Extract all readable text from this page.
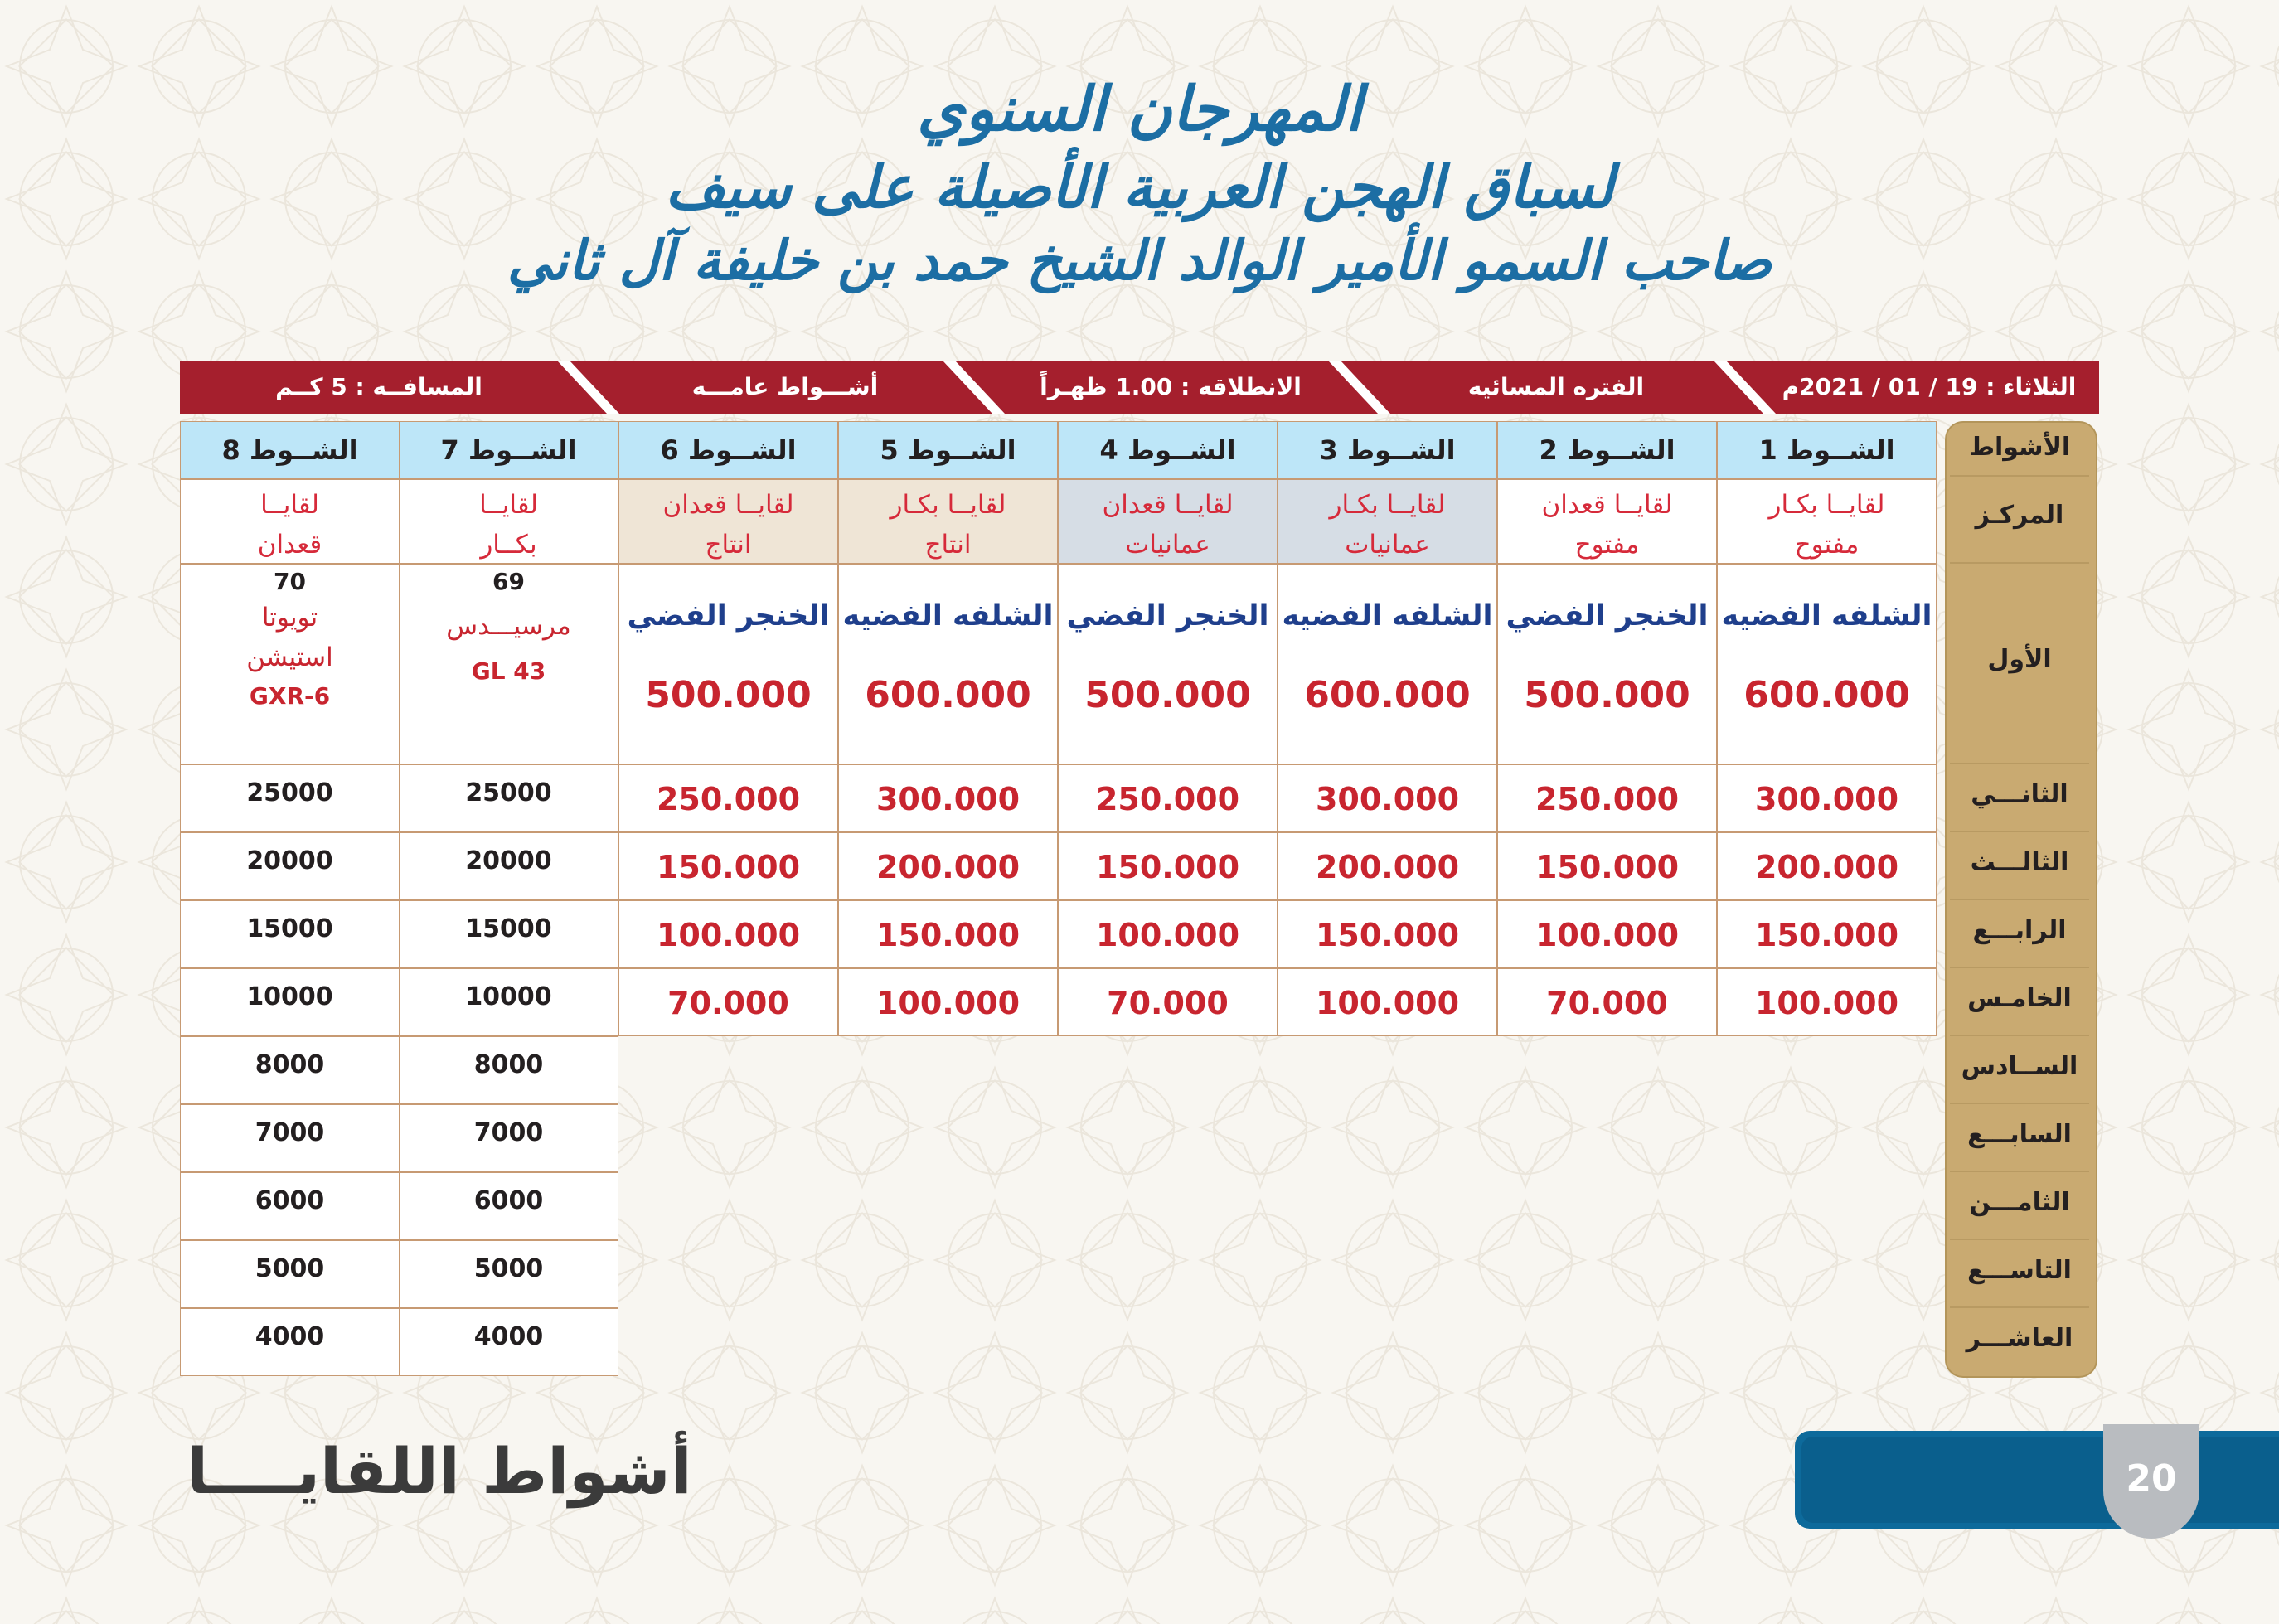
المهرجان السنوي
لسباق الهجن العربية الأصيلة على سيف
صاحب السمو الأمير الوالد الشيخ حمد بن خليفة آل ثاني
الثلاثاء : 19 / 01 / 2021م
الفتره المسائيه
الانطلاقه : 1.00 ظهـراً
أشـــواط عامـــه
المسافــه : 5 كــم
الأشواط
المركـز
الأول
الثانـــي
الثالـــث
الرابـــع
الخامـس
الســادس
السابـــع
الثامـــن
التاســـع
العاشـــر
الشــوط 1
لقايــا بكـار
مفتوح
الشلفه الفضيه
600.000
300.000
200.000
150.000
100.000
الشــوط 2
لقايــا قعدان
مفتوح
الخنجر الفضي
500.000
250.000
150.000
100.000
70.000
الشــوط 3
لقايــا بكـار
عمانيات
الشلفه الفضيه
600.000
300.000
200.000
150.000
100.000
الشــوط 4
لقايــا قعدان
عمانيات
الخنجر الفضي
500.000
250.000
150.000
100.000
70.000
الشــوط 5
لقايــا بكـار
انتاج
الشلفه الفضيه
600.000
300.000
200.000
150.000
100.000
الشــوط 6
لقايــا قعدان
انتاج
الخنجر الفضي
500.000
250.000
150.000
100.000
70.000
الشــوط 7
لقايــا
بكــار
69
مرسيـــدس
GL 43
25000
20000
15000
10000
8000
7000
6000
5000
4000
الشــوط 8
لقايــا
قعدان
70
تويوتا
استيشن
GXR-6
25000
20000
15000
10000
8000
7000
6000
5000
4000
أشواط اللقايــــا	20
